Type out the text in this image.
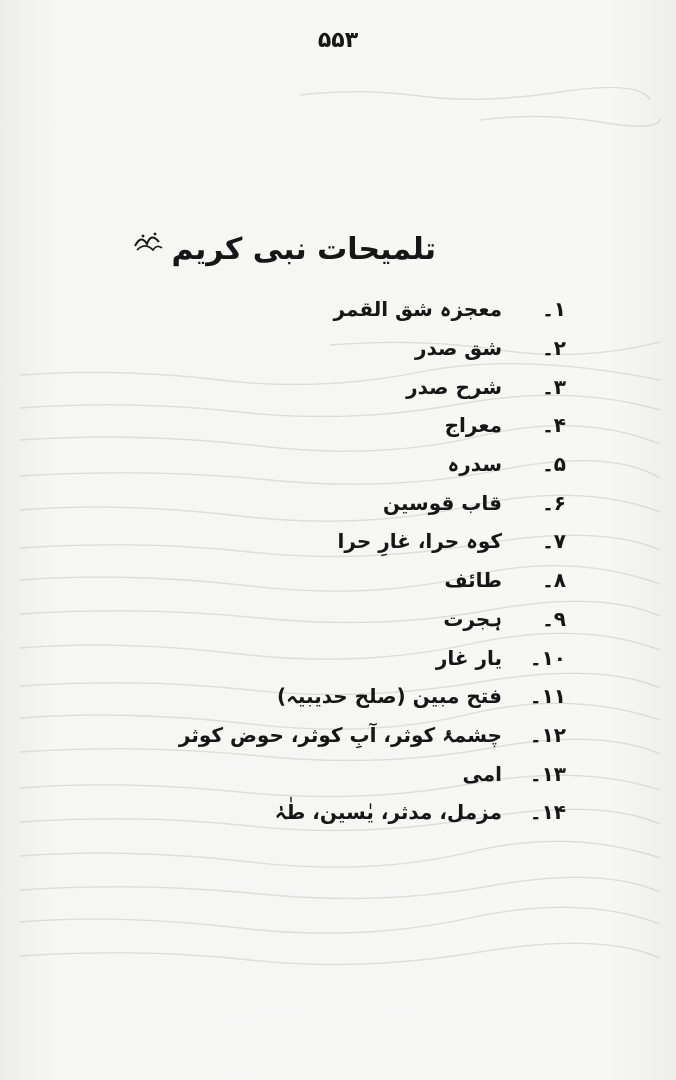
۵۵۳
تلمیحات نبی کریم
۱۔
معجزہ شق القمر
۲۔
شق صدر
۳۔
شرح صدر
۴۔
معراج
۵۔
سدرہ
۶۔
قاب قوسین
۷۔
کوہ حرا، غارِ حرا
۸۔
طائف
۹۔
ہجرت
۱۰۔
یار غار
۱۱۔
فتح مبین (صلح حدیبیہ)
۱۲۔
چشمۂ کوثر، آبِ کوثر، حوض کوثر
۱۳۔
امی
۱۴۔
مزمل، مدثر، یٰسین، طٰہٰ
